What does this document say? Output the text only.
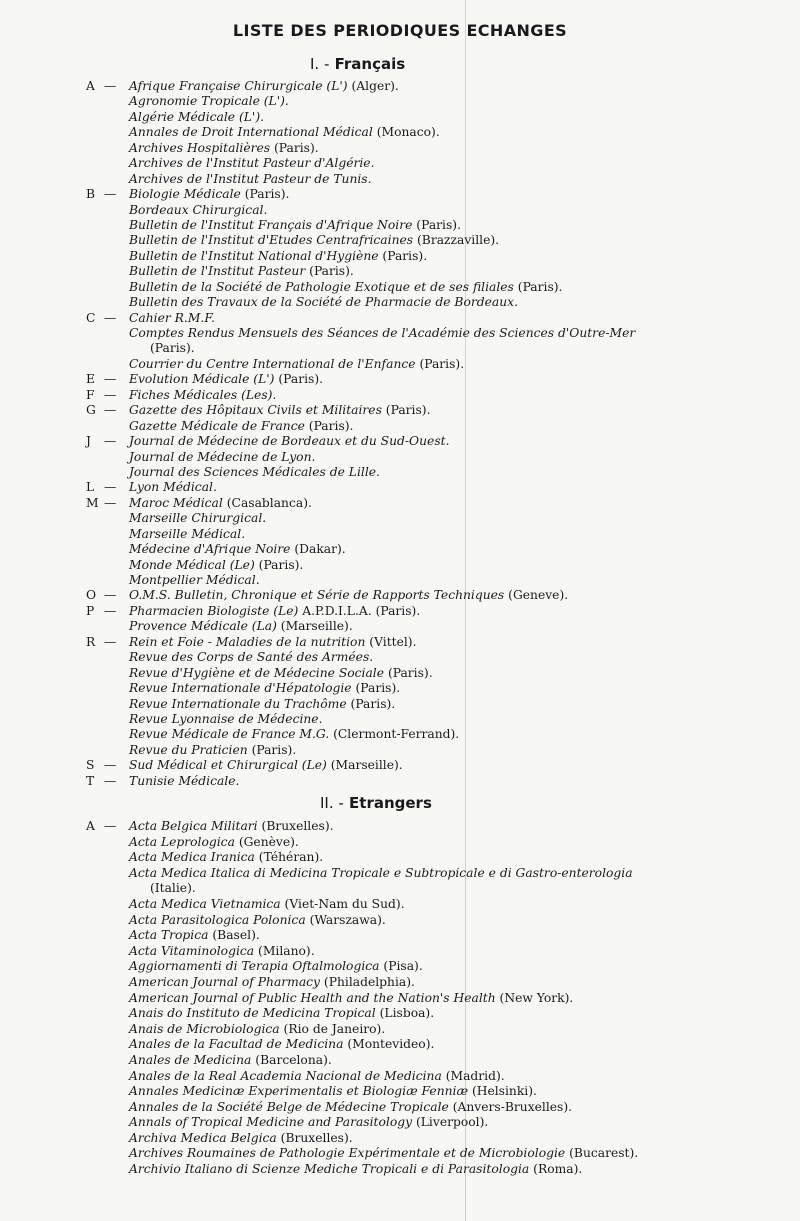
LISTE DES PERIODIQUES ECHANGES
I. - Français
A — Afrique Française Chirurgicale (L') (Alger).
Agronomie Tropicale (L').
Algérie Médicale (L').
Annales de Droit International Médical (Monaco).
Archives Hospitalières (Paris).
Archives de l'Institut Pasteur d'Algérie.
Archives de l'Institut Pasteur de Tunis.
B — Biologie Médicale (Paris).
Bordeaux Chirurgical.
Bulletin de l'Institut Français d'Afrique Noire (Paris).
Bulletin de l'Institut d'Etudes Centrafricaines (Brazzaville).
Bulletin de l'Institut National d'Hygiène (Paris).
Bulletin de l'Institut Pasteur (Paris).
Bulletin de la Société de Pathologie Exotique et de ses filiales (Paris).
Bulletin des Travaux de la Société de Pharmacie de Bordeaux.
C — Cahier R.M.F.
Comptes Rendus Mensuels des Séances de l'Académie des Sciences d'Outre-Mer
(Paris).
Courrier du Centre International de l'Enfance (Paris).
E — Evolution Médicale (L') (Paris).
F — Fiches Médicales (Les).
G — Gazette des Hôpitaux Civils et Militaires (Paris).
Gazette Médicale de France (Paris).
J	— Journal de Médecine de Bordeaux et du Sud-Ouest.
Journal de Médecine de Lyon.
Journal des Sciences Médicales de Lille.
L — Lyon Médical.
M — Maroc Médical (Casablanca).
Marseille Chirurgical.
Marseille Médical.
Médecine d'Afrique Noire (Dakar).
Monde Médical (Le) (Paris).
Montpellier Médical.
O — O.M.S. Bulletin, Chronique et Série de Rapports Techniques (Geneve).
P — Pharmacien Biologiste (Le) A.P.D.I.L.A. (Paris).
Provence Médicale (La) (Marseille).
R — Rein et Foie - Maladies de la nutrition (Vittel).
Revue des Corps de Santé des Armées.
Revue d'Hygiène et de Médecine Sociale (Paris).
Revue Internationale d'Hépatologie (Paris).
Revue Internationale du Trachôme (Paris).
Revue Lyonnaise de Médecine.
Revue Médicale de France M.G. (Clermont-Ferrand).
Revue du Praticien (Paris).
S — Sud Médical et Chirurgical (Le) (Marseille).
T — Tunisie Médicale.
II. - Etrangers
A — Acta Belgica Militari (Bruxelles).
Acta Leprologica (Genève).
Acta Medica Iranica (Téhéran).
Acta Medica Italica di Medicina Tropicale e Subtropicale e di Gastro-enterologia
(Italie).
Acta Medica Vietnamica (Viet-Nam du Sud).
Acta Parasitologica Polonica (Warszawa).
Acta Tropica (Basel).
Acta Vitaminologica (Milano).
Aggiornamenti di Terapia Oftalmologica (Pisa).
American Journal of Pharmacy (Philadelphia).
American Journal of Public Health and the Nation's Health (New York).
Anais do Instituto de Medicina Tropical (Lisboa).
Anais de Microbiologica (Rio de Janeiro).
Anales de la Facultad de Medicina (Montevideo).
Anales de Medicina (Barcelona).
Anales de la Real Academia Nacional de Medicina (Madrid).
Annales Medicinæ Experimentalis et Biologiæ Fenniæ (Helsinki).
Annales de la Société Belge de Médecine Tropicale (Anvers-Bruxelles).
Annals of Tropical Medicine and Parasitology (Liverpool).
Archiva Medica Belgica (Bruxelles).
Archives Roumaines de Pathologie Expérimentale et de Microbiologie (Bucarest).
Archivio Italiano di Scienze Mediche Tropicali e di Parasitologia (Roma).
